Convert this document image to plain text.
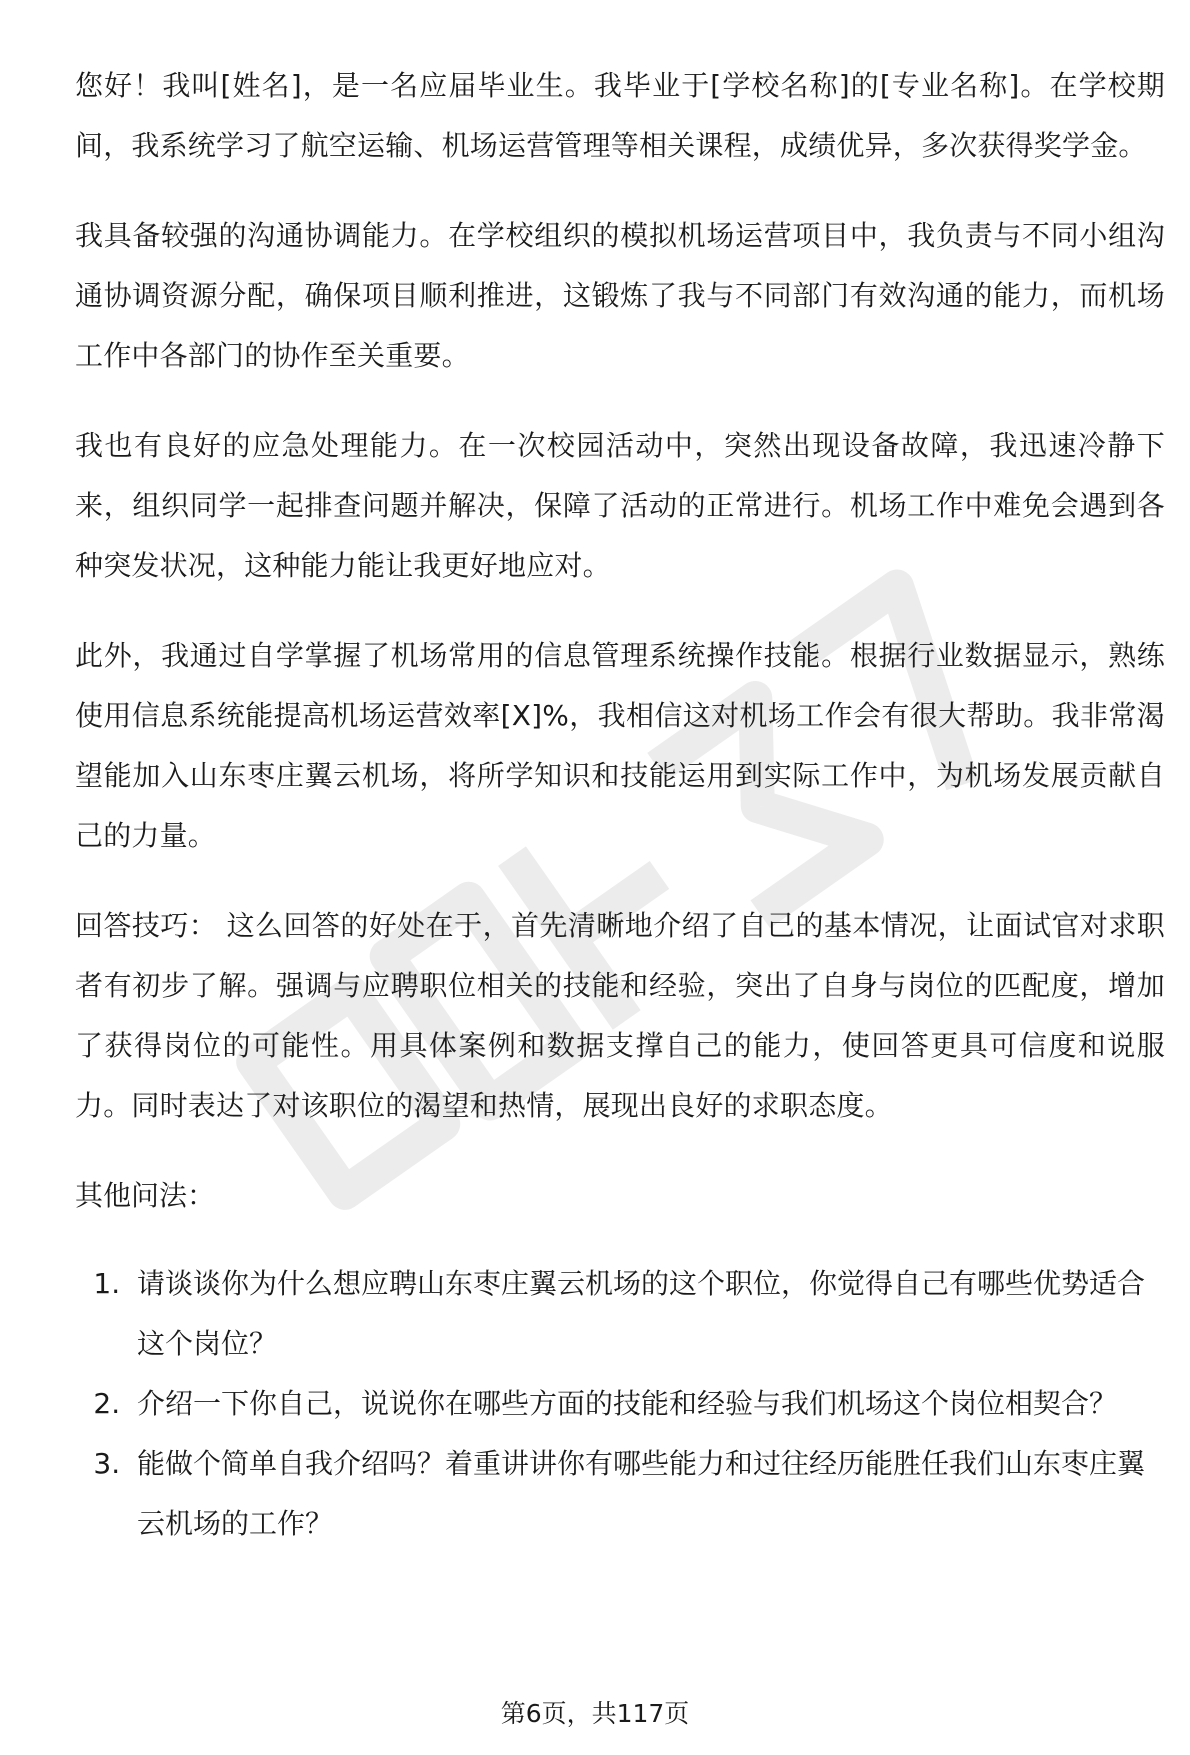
您好！我叫[姓名]，是一名应届毕业生。我毕业于[学校名称]的[专业名称]。在学校期间，我系统学习了航空运输、机场运营管理等相关课程，成绩优异，多次获得奖学金。

我具备较强的沟通协调能力。在学校组织的模拟机场运营项目中，我负责与不同小组沟通协调资源分配，确保项目顺利推进，这锻炼了我与不同部门有效沟通的能力，而机场工作中各部门的协作至关重要。

我也有良好的应急处理能力。在一次校园活动中，突然出现设备故障，我迅速冷静下来，组织同学一起排查问题并解决，保障了活动的正常进行。机场工作中难免会遇到各种突发状况，这种能力能让我更好地应对。

此外，我通过自学掌握了机场常用的信息管理系统操作技能。根据行业数据显示，熟练使用信息系统能提高机场运营效率[X]%，我相信这对机场工作会有很大帮助。我非常渴望能加入山东枣庄翼云机场，将所学知识和技能运用到实际工作中，为机场发展贡献自己的力量。

回答技巧： 这么回答的好处在于，首先清晰地介绍了自己的基本情况，让面试官对求职者有初步了解。强调与应聘职位相关的技能和经验，突出了自身与岗位的匹配度，增加了获得岗位的可能性。用具体案例和数据支撑自己的能力，使回答更具可信度和说服力。同时表达了对该职位的渴望和热情，展现出良好的求职态度。

其他问法：
1. 请谈谈你为什么想应聘山东枣庄翼云机场的这个职位，你觉得自己有哪些优势适合这个岗位？
2. 介绍一下你自己，说说你在哪些方面的技能和经验与我们机场这个岗位相契合？
3. 能做个简单自我介绍吗？着重讲讲你有哪些能力和过往经历能胜任我们山东枣庄翼云机场的工作？
第6页，共117页
